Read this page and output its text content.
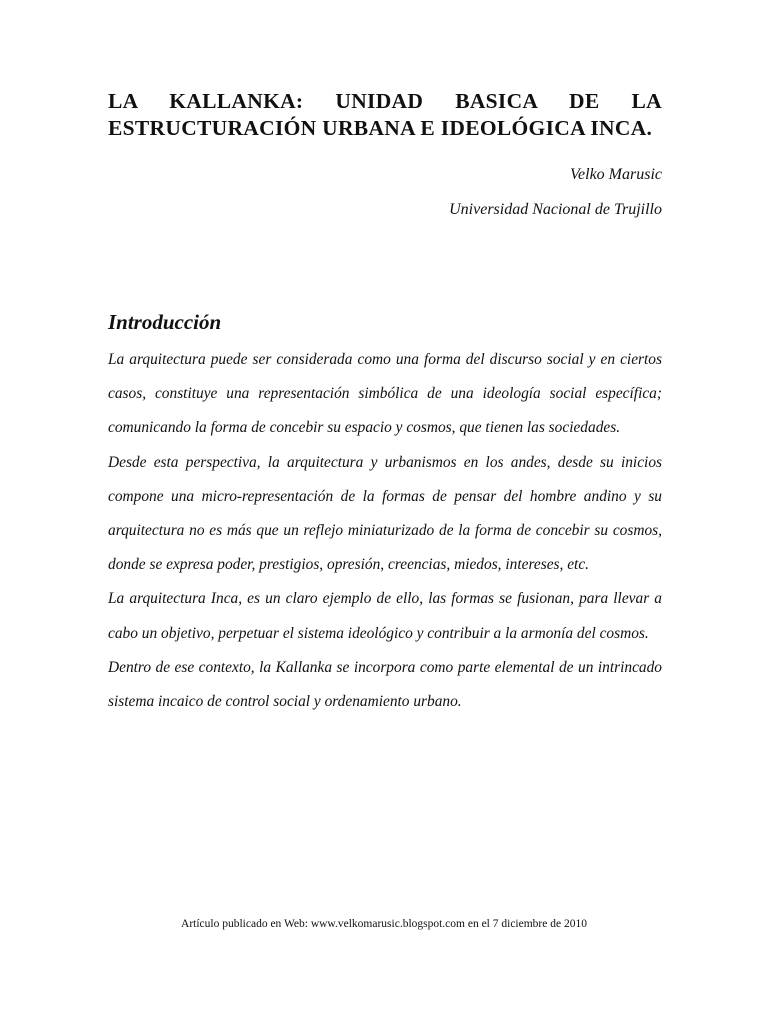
LA KALLANKA: UNIDAD BASICA DE LA ESTRUCTURACIÓN URBANA E IDEOLÓGICA INCA.

Velko Marusic

Universidad Nacional de Trujillo

Introducción

La arquitectura puede ser considerada como una forma del discurso social y en ciertos casos, constituye una representación simbólica de una ideología social específica; comunicando la forma de concebir su espacio y cosmos, que tienen las sociedades.

Desde esta perspectiva, la arquitectura y urbanismos en los andes, desde su inicios compone una micro-representación de la formas de pensar del hombre andino y su arquitectura no es más que un reflejo miniaturizado de la forma de concebir su cosmos, donde se expresa poder, prestigios, opresión, creencias, miedos, intereses, etc.

La arquitectura Inca, es un claro ejemplo de ello, las formas se fusionan, para llevar a cabo un objetivo, perpetuar el sistema ideológico y contribuir a la armonía del cosmos.

Dentro de ese contexto, la Kallanka se incorpora como parte elemental de un intrincado sistema incaico de control social y ordenamiento urbano.

Artículo publicado en Web: www.velkomarusic.blogspot.com en el 7 diciembre de 2010
